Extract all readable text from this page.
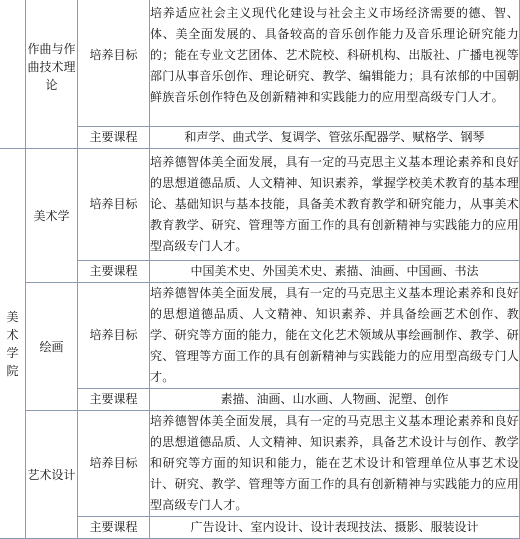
	作曲与作曲技术理论	培养目标	培养适应社会主义现代化建设与社会主义市场经济需要的德、智、体、美全面发展的、具备较高的音乐创作能力及音乐理论研究能力的；能在专业文艺团体、艺术院校、科研机构、出版社、广播电视等部门从事音乐创作、理论研究、教学、编辑能力；具有浓郁的中国朝鲜族音乐创作特色及创新精神和实践能力的应用型高级专门人才。
		主要课程	和声学、曲式学、复调学、管弦乐配器学、赋格学、钢琴

美术学院	美术学	培养目标	培养德智体美全面发展，具有一定的马克思主义基本理论素养和良好的思想道德品质、人文精神、知识素养，掌握学校美术教育的基本理论、基础知识与基本技能，具备美术教育教学和研究能力，从事美术教育教学、研究、管理等方面工作的具有创新精神与实践能力的应用型高级专门人才。
		主要课程	中国美术史、外国美术史、素描、油画、中国画、书法
	绘画	培养目标	培养德智体美全面发展，具有一定的马克思主义基本理论素养和良好的思想道德品质、人文精神、知识素养、并具备绘画艺术创作、教学、研究等方面的能力，能在文化艺术领域从事绘画制作、教学、研究、管理等方面工作的具有创新精神与实践能力的应用型高级专门人才。
		主要课程	素描、油画、山水画、人物画、泥塑、创作
	艺术设计	培养目标	培养德智体美全面发展，具有一定的马克思主义基本理论素养和良好的思想道德品质、人文精神、知识素养，具备艺术设计与创作、教学和研究等方面的知识和能力，能在艺术设计和管理单位从事艺术设计、研究、教学、管理等方面工作的具有创新精神与实践能力的应用型高级专门人才。
		主要课程	广告设计、室内设计、设计表现技法、摄影、服装设计
